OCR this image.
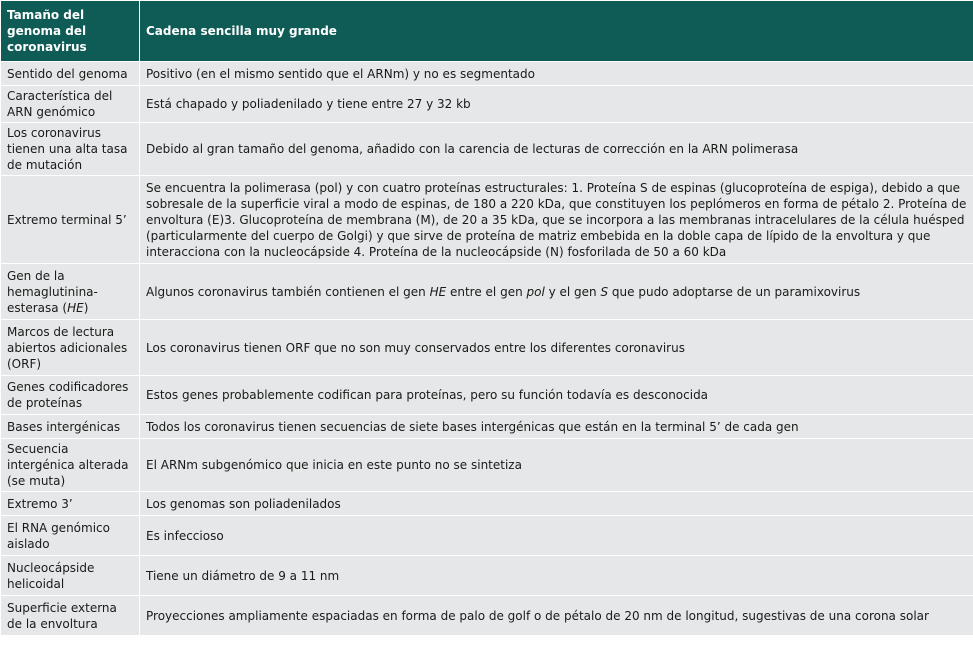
Tamaño del genoma del coronavirus	Cadena sencilla muy grande
Sentido del genoma	Positivo (en el mismo sentido que el ARNm) y no es segmentado
Característica del ARN genómico	Está chapado y poliadenilado y tiene entre 27 y 32 kb
Los coronavirus tienen una alta tasa de mutación	Debido al gran tamaño del genoma, añadido con la carencia de lecturas de corrección en la ARN polimerasa
Extremo terminal 5’	Se encuentra la polimerasa (pol) y con cuatro proteínas estructurales: 1. Proteína S de espinas (glucoproteína de espiga), debido a que sobresale de la superficie viral a modo de espinas, de 180 a 220 kDa, que constituyen los peplómeros en forma de pétalo 2. Proteína de envoltura (E)3. Glucoproteína de membrana (M), de 20 a 35 kDa, que se incorpora a las membranas intracelulares de la célula huésped (particularmente del cuerpo de Golgi) y que sirve de proteína de matriz embebida en la doble capa de lípido de la envoltura y que interacciona con la nucleocápside 4. Proteína de la nucleocápside (N) fosforilada de 50 a 60 kDa
Gen de la hemaglutinina-esterasa (HE)	Algunos coronavirus también contienen el gen HE entre el gen pol y el gen S que pudo adoptarse de un paramixovirus
Marcos de lectura abiertos adicionales (ORF)	Los coronavirus tienen ORF que no son muy conservados entre los diferentes coronavirus
Genes codificadores de proteínas	Estos genes probablemente codifican para proteínas, pero su función todavía es desconocida
Bases intergénicas	Todos los coronavirus tienen secuencias de siete bases intergénicas que están en la terminal 5’ de cada gen
Secuencia intergénica alterada (se muta)	El ARNm subgenómico que inicia en este punto no se sintetiza
Extremo 3’	Los genomas son poliadenilados
El RNA genómico aislado	Es infeccioso
Nucleocápside helicoidal	Tiene un diámetro de 9 a 11 nm
Superficie externa de la envoltura	Proyecciones ampliamente espaciadas en forma de palo de golf o de pétalo de 20 nm de longitud, sugestivas de una corona solar
